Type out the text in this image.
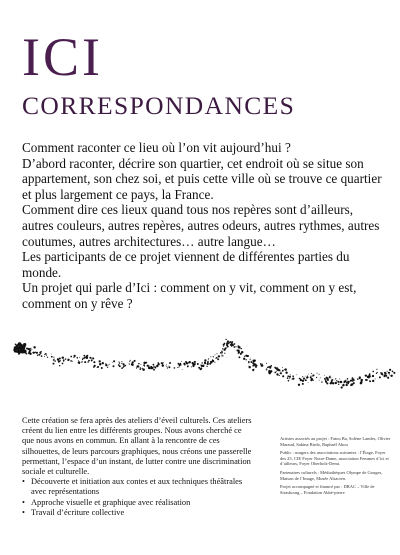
ICI
CORRESPONDANCES

Comment raconter ce lieu où l’on vit aujourd’hui ?

D’abord raconter, décrire son quartier, cet endroit où se situe son appartement, son chez soi, et puis cette ville où se trouve ce quartier et plus largement ce pays, la France.

Comment dire ces lieux quand tous nos repères sont d’ailleurs, autres couleurs, autres repères, autres odeurs, autres rythmes, autres coutumes, autres architectures… autre langue…

Les participants de ce projet viennent de différentes parties du monde.

Un projet qui parle d’Ici : comment on y vit, comment on y est, comment on y rêve ?

Cette création se fera après des ateliers d’éveil culturels. Ces ateliers créent du lien entre les différents groupes. Nous avons cherché ce que nous avons en commun. En allant à la rencontre de ces silhouettes, de leurs parcours graphiques, nous créons une passerelle permettant, l’espace d’un instant, de lutter contre une discrimination sociale et culturelle.

• Découverte et initiation aux contes et aux techniques théâtrales avec représentations
• Approche visuelle et graphique avec réalisation
• Travail d’écriture collective

Artistes associés au projet : Fatou Ba, Solène Landes, Olivier Maraud, Sakina Birdo, Raphaël Abou

Public : usagers des associations suivantes : l’Étage, Foyer des 25, CIE Foyer Notre-Dame, association Femmes d’ici et d’ailleurs, Foyer Oberholz-Demi.

Partenaires culturels : Médiathèques Olympe de Gouges, Maison de l’Image, Musée Alsacien.

Projet accompagné et financé par : DRAC – Ville de Strasbourg – Fondation Abbé-pierre
